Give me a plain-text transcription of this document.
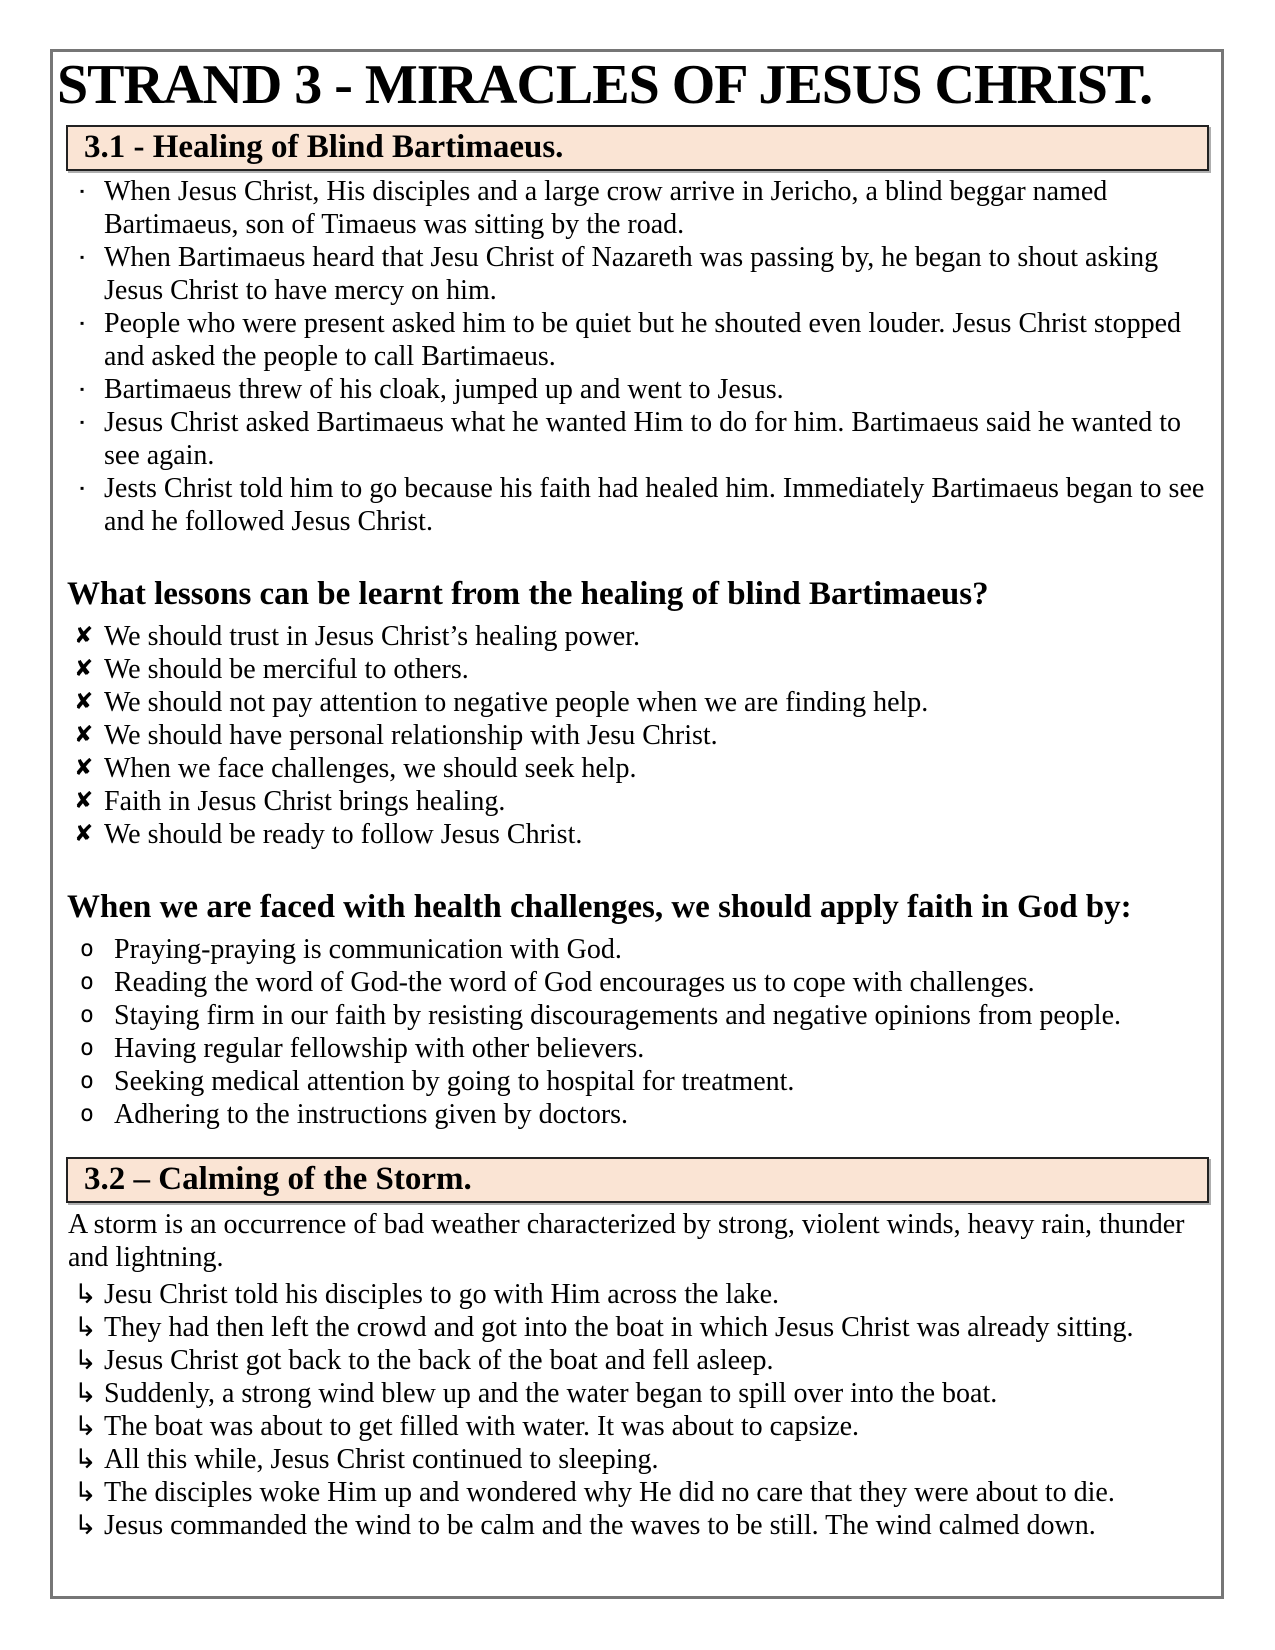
STRAND 3 - MIRACLES OF JESUS CHRIST.
3.1 - Healing of Blind Bartimaeus.
▪ When Jesus Christ, His disciples and a large crow arrive in Jericho, a blind beggar named Bartimaeus, son of Timaeus was sitting by the road.
▪ When Bartimaeus heard that Jesu Christ of Nazareth was passing by, he began to shout asking Jesus Christ to have mercy on him.
▪ People who were present asked him to be quiet but he shouted even louder. Jesus Christ stopped and asked the people to call Bartimaeus.
▪ Bartimaeus threw of his cloak, jumped up and went to Jesus.
▪ Jesus Christ asked Bartimaeus what he wanted Him to do for him. Bartimaeus said he wanted to see again.
▪ Jests Christ told him to go because his faith had healed him. Immediately Bartimaeus began to see and he followed Jesus Christ.
What lessons can be learnt from the healing of blind Bartimaeus?
✘ We should trust in Jesus Christ’s healing power.
✘ We should be merciful to others.
✘ We should not pay attention to negative people when we are finding help.
✘ We should have personal relationship with Jesu Christ.
✘ When we face challenges, we should seek help.
✘ Faith in Jesus Christ brings healing.
✘ We should be ready to follow Jesus Christ.
When we are faced with health challenges, we should apply faith in God by:
o Praying-praying is communication with God.
o Reading the word of God-the word of God encourages us to cope with challenges.
o Staying firm in our faith by resisting discouragements and negative opinions from people.
o Having regular fellowship with other believers.
o Seeking medical attention by going to hospital for treatment.
o Adhering to the instructions given by doctors.
3.2 – Calming of the Storm.

A storm is an occurrence of bad weather characterized by strong, violent winds, heavy rain, thunder and lightning.

↳ Jesu Christ told his disciples to go with Him across the lake.
↳ They had then left the crowd and got into the boat in which Jesus Christ was already sitting.
↳ Jesus Christ got back to the back of the boat and fell asleep.
↳ Suddenly, a strong wind blew up and the water began to spill over into the boat.
↳ The boat was about to get filled with water. It was about to capsize.
↳ All this while, Jesus Christ continued to sleeping.
↳ The disciples woke Him up and wondered why He did no care that they were about to die.
↳ Jesus commanded the wind to be calm and the waves to be still. The wind calmed down.
